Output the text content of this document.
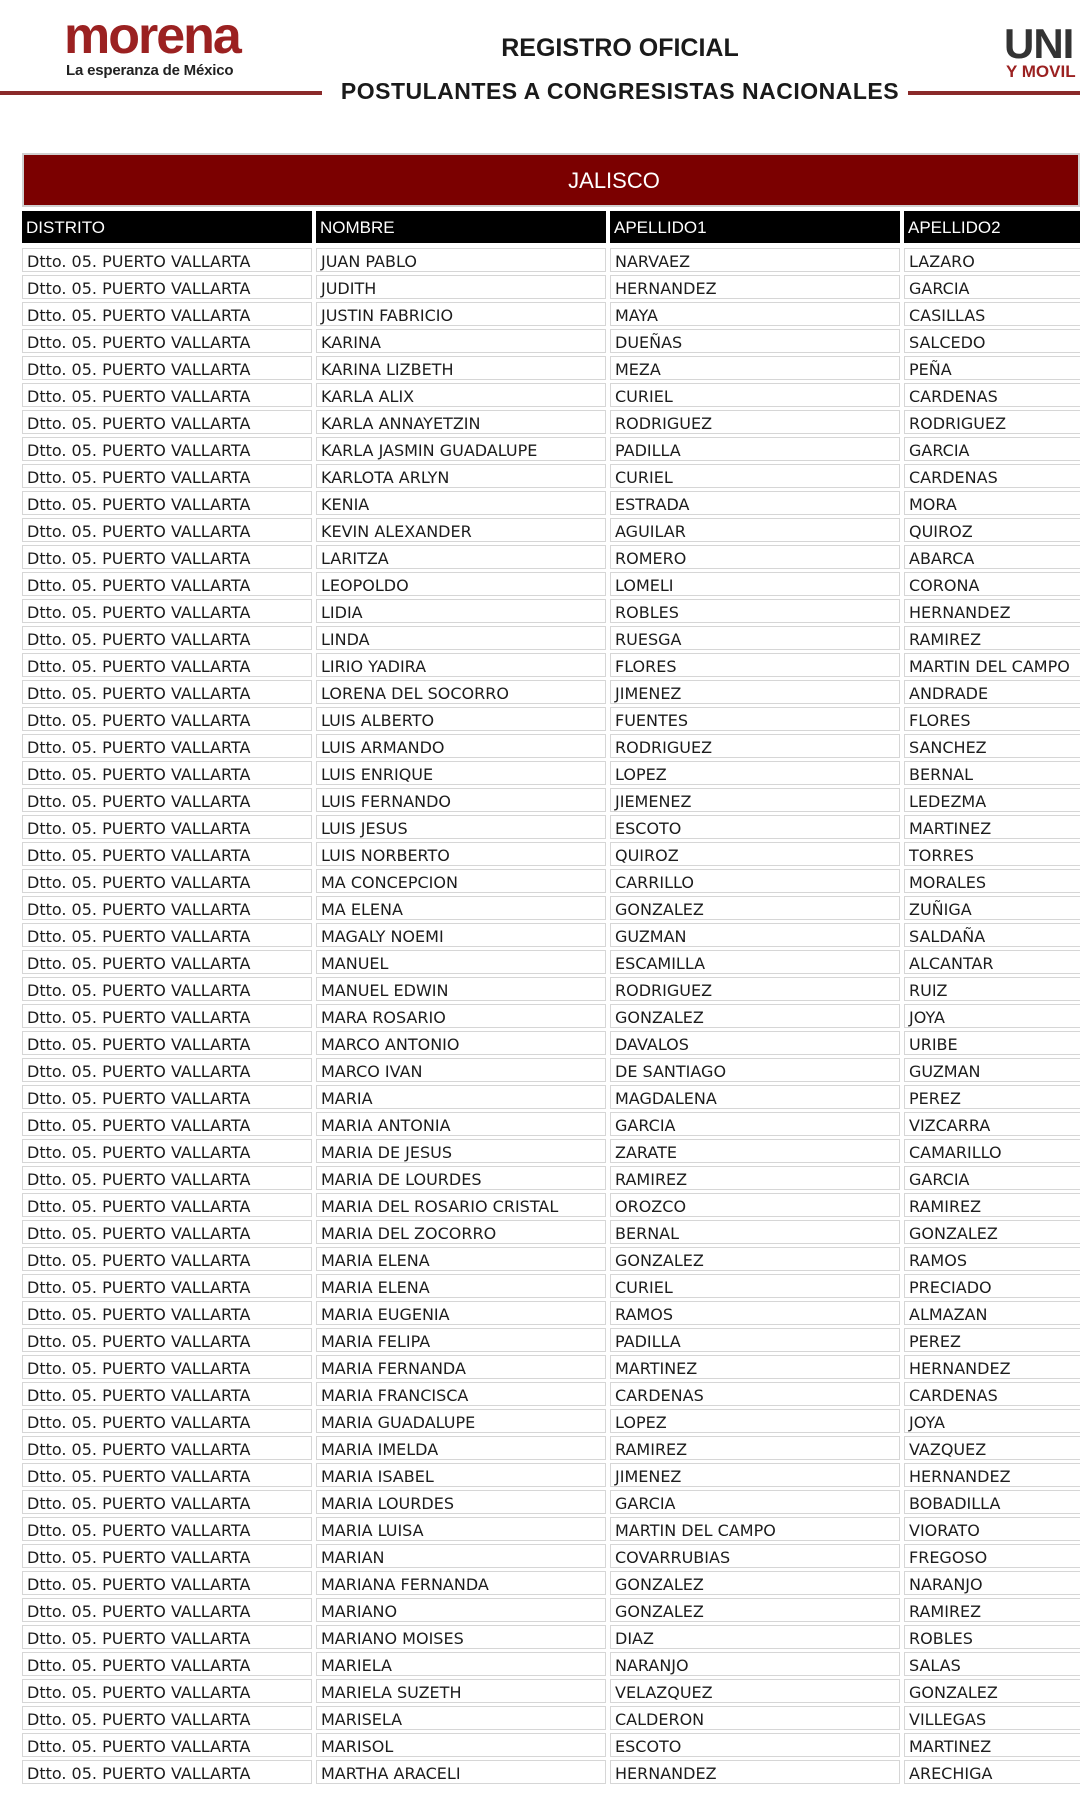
morena
La esperanza de México
REGISTRO OFICIAL
POSTULANTES A CONGRESISTAS NACIONALES
UNI
Y MOVIL
JALISCO
DISTRITO	NOMBRE	APELLIDO1	APELLIDO2
Dtto. 05. PUERTO VALLARTA	JUAN PABLO	NARVAEZ	LAZARO
Dtto. 05. PUERTO VALLARTA	JUDITH	HERNANDEZ	GARCIA
Dtto. 05. PUERTO VALLARTA	JUSTIN FABRICIO	MAYA	CASILLAS
Dtto. 05. PUERTO VALLARTA	KARINA	DUEÑAS	SALCEDO
Dtto. 05. PUERTO VALLARTA	KARINA LIZBETH	MEZA	PEÑA
Dtto. 05. PUERTO VALLARTA	KARLA ALIX	CURIEL	CARDENAS
Dtto. 05. PUERTO VALLARTA	KARLA ANNAYETZIN	RODRIGUEZ	RODRIGUEZ
Dtto. 05. PUERTO VALLARTA	KARLA JASMIN GUADALUPE	PADILLA	GARCIA
Dtto. 05. PUERTO VALLARTA	KARLOTA ARLYN	CURIEL	CARDENAS
Dtto. 05. PUERTO VALLARTA	KENIA	ESTRADA	MORA
Dtto. 05. PUERTO VALLARTA	KEVIN ALEXANDER	AGUILAR	QUIROZ
Dtto. 05. PUERTO VALLARTA	LARITZA	ROMERO	ABARCA
Dtto. 05. PUERTO VALLARTA	LEOPOLDO	LOMELI	CORONA
Dtto. 05. PUERTO VALLARTA	LIDIA	ROBLES	HERNANDEZ
Dtto. 05. PUERTO VALLARTA	LINDA	RUESGA	RAMIREZ
Dtto. 05. PUERTO VALLARTA	LIRIO YADIRA	FLORES	MARTIN DEL CAMPO
Dtto. 05. PUERTO VALLARTA	LORENA DEL SOCORRO	JIMENEZ	ANDRADE
Dtto. 05. PUERTO VALLARTA	LUIS ALBERTO	FUENTES	FLORES
Dtto. 05. PUERTO VALLARTA	LUIS ARMANDO	RODRIGUEZ	SANCHEZ
Dtto. 05. PUERTO VALLARTA	LUIS ENRIQUE	LOPEZ	BERNAL
Dtto. 05. PUERTO VALLARTA	LUIS FERNANDO	JIEMENEZ	LEDEZMA
Dtto. 05. PUERTO VALLARTA	LUIS JESUS	ESCOTO	MARTINEZ
Dtto. 05. PUERTO VALLARTA	LUIS NORBERTO	QUIROZ	TORRES
Dtto. 05. PUERTO VALLARTA	MA CONCEPCION	CARRILLO	MORALES
Dtto. 05. PUERTO VALLARTA	MA ELENA	GONZALEZ	ZUÑIGA
Dtto. 05. PUERTO VALLARTA	MAGALY NOEMI	GUZMAN	SALDAÑA
Dtto. 05. PUERTO VALLARTA	MANUEL	ESCAMILLA	ALCANTAR
Dtto. 05. PUERTO VALLARTA	MANUEL EDWIN	RODRIGUEZ	RUIZ
Dtto. 05. PUERTO VALLARTA	MARA ROSARIO	GONZALEZ	JOYA
Dtto. 05. PUERTO VALLARTA	MARCO ANTONIO	DAVALOS	URIBE
Dtto. 05. PUERTO VALLARTA	MARCO IVAN	DE SANTIAGO	GUZMAN
Dtto. 05. PUERTO VALLARTA	MARIA	MAGDALENA	PEREZ
Dtto. 05. PUERTO VALLARTA	MARIA ANTONIA	GARCIA	VIZCARRA
Dtto. 05. PUERTO VALLARTA	MARIA DE JESUS	ZARATE	CAMARILLO
Dtto. 05. PUERTO VALLARTA	MARIA DE LOURDES	RAMIREZ	GARCIA
Dtto. 05. PUERTO VALLARTA	MARIA DEL ROSARIO CRISTAL	OROZCO	RAMIREZ
Dtto. 05. PUERTO VALLARTA	MARIA DEL ZOCORRO	BERNAL	GONZALEZ
Dtto. 05. PUERTO VALLARTA	MARIA ELENA	GONZALEZ	RAMOS
Dtto. 05. PUERTO VALLARTA	MARIA ELENA	CURIEL	PRECIADO
Dtto. 05. PUERTO VALLARTA	MARIA EUGENIA	RAMOS	ALMAZAN
Dtto. 05. PUERTO VALLARTA	MARIA FELIPA	PADILLA	PEREZ
Dtto. 05. PUERTO VALLARTA	MARIA FERNANDA	MARTINEZ	HERNANDEZ
Dtto. 05. PUERTO VALLARTA	MARIA FRANCISCA	CARDENAS	CARDENAS
Dtto. 05. PUERTO VALLARTA	MARIA GUADALUPE	LOPEZ	JOYA
Dtto. 05. PUERTO VALLARTA	MARIA IMELDA	RAMIREZ	VAZQUEZ
Dtto. 05. PUERTO VALLARTA	MARIA ISABEL	JIMENEZ	HERNANDEZ
Dtto. 05. PUERTO VALLARTA	MARIA LOURDES	GARCIA	BOBADILLA
Dtto. 05. PUERTO VALLARTA	MARIA LUISA	MARTIN DEL CAMPO	VIORATO
Dtto. 05. PUERTO VALLARTA	MARIAN	COVARRUBIAS	FREGOSO
Dtto. 05. PUERTO VALLARTA	MARIANA FERNANDA	GONZALEZ	NARANJO
Dtto. 05. PUERTO VALLARTA	MARIANO	GONZALEZ	RAMIREZ
Dtto. 05. PUERTO VALLARTA	MARIANO MOISES	DIAZ	ROBLES
Dtto. 05. PUERTO VALLARTA	MARIELA	NARANJO	SALAS
Dtto. 05. PUERTO VALLARTA	MARIELA SUZETH	VELAZQUEZ	GONZALEZ
Dtto. 05. PUERTO VALLARTA	MARISELA	CALDERON	VILLEGAS
Dtto. 05. PUERTO VALLARTA	MARISOL	ESCOTO	MARTINEZ
Dtto. 05. PUERTO VALLARTA	MARTHA ARACELI	HERNANDEZ	ARECHIGA
